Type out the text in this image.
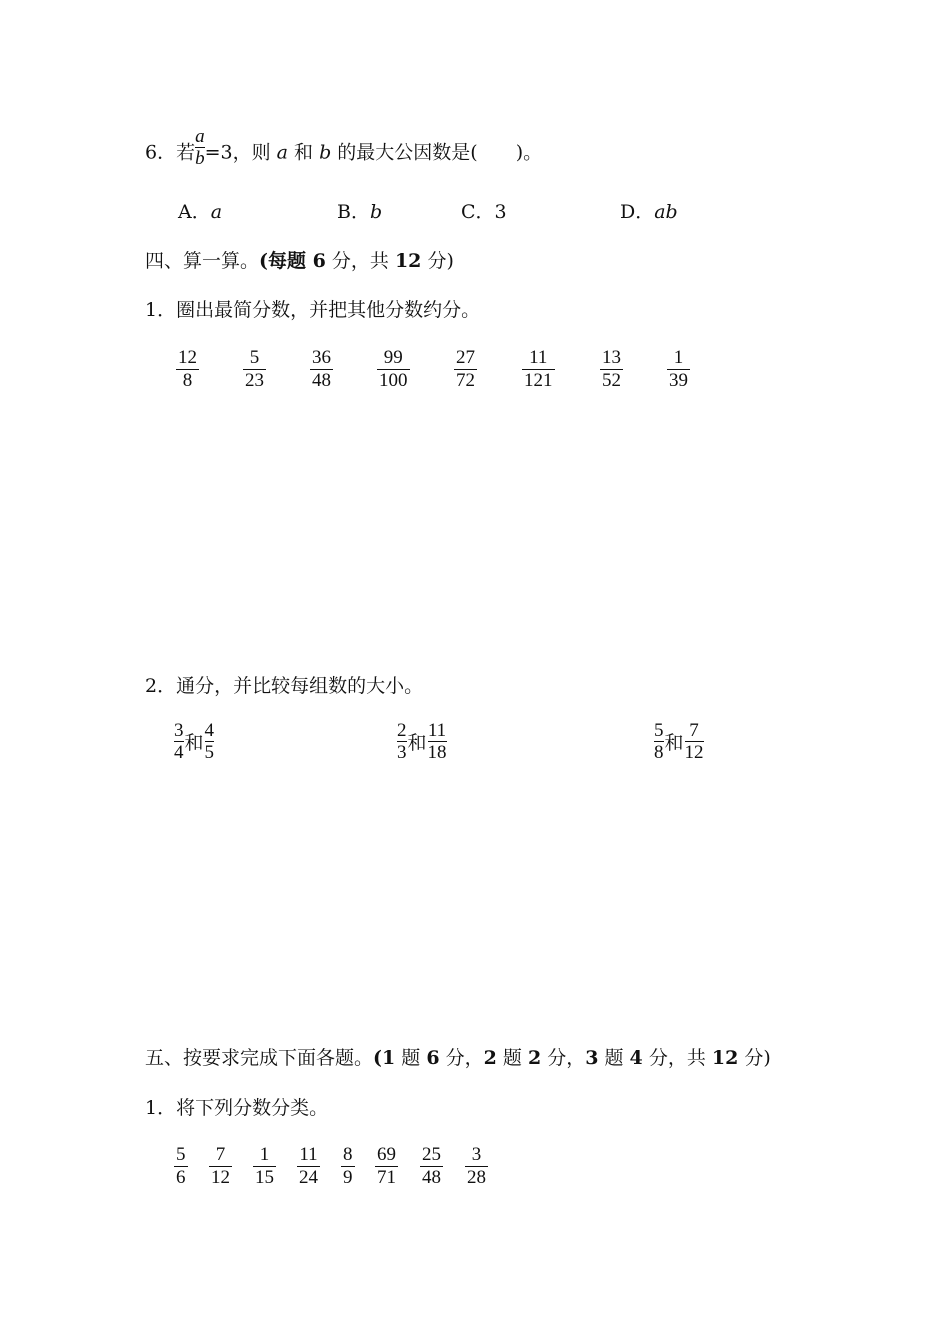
6．若 $\frac{a}{b} =3$，则 a 和 b 的最大公因数是(　　)。
A．a	B．b	C．3	D．ab
四、算一算。(每题 6 分，共 12 分)
1．圈出最简分数，并把其他分数约分。
12
8
5
23
36
48
99
100
27
72
11
121
13
52
1
39
2．通分，并比较每组数的大小。
$\frac{3}{4}$ 和 $\frac{4}{5}$	$\frac{2}{3}$ 和 $\frac{11}{18}$	$\frac{5}{8}$ 和 $\frac{7}{12}$
五、按要求完成下面各题。(1 题 6 分，2 题 2 分，3 题 4 分，共 12 分)
1．将下列分数分类。
5
6
7
12
1
15
11
24
8
9
69
71
25
48
3
28
